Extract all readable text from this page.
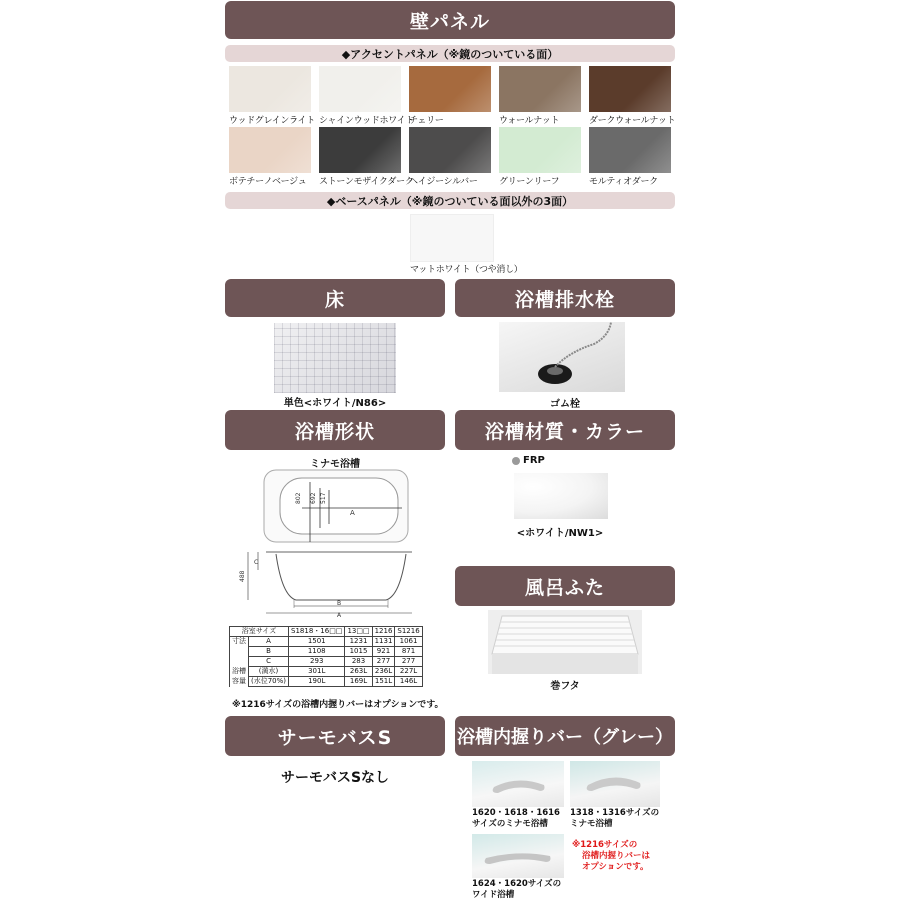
壁パネル
◆アクセントパネル（※鏡のついている面）
ウッドグレインライト シャインウッドホワイト
チェリー	ウォールナット	ダークウォールナット
ボテチーノベージュ ストーンモザイクダーク
ヘイジーシルバー グリーンリーフ	モルティオダーク
◆ベースパネル（※鏡のついている面以外の3面）
マットホワイト（つや消し）
床
単色<ホワイト/N86>
浴槽排水栓
ゴム栓
浴槽形状
ミナモ浴槽
802 692 517
A
488
C
B
A
浴室サイズ		S1818・16□□	13□□	1216	S1216
寸法	A	1501	1231	1131	1061
	B	1108	1015	921	871
	C	293	283	277	277
浴槽	(満水)	301L	263L	236L	227L
容量	(水位70%)	190L	169L	151L	146L
※1216サイズの浴槽内握りバーはオプションです。
浴槽材質・カラー
FRP
<ホワイト/NW1>
風呂ふた
巻フタ
サーモバスS
サーモバスSなし
浴槽内握りバー（グレー）
1620・1618・1616
サイズのミナモ浴槽
1318・1316サイズの
ミナモ浴槽
1624・1620サイズの
ワイド浴槽
※1216サイズの
浴槽内握りバーは
オプションです。
